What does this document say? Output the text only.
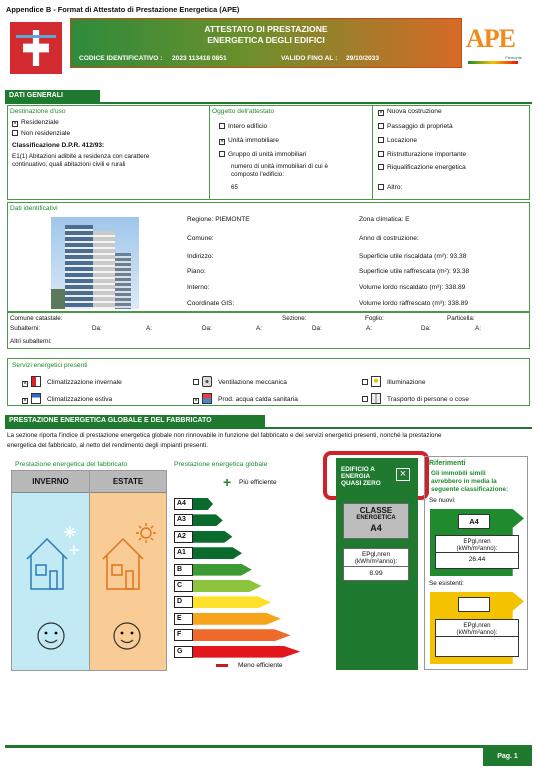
Appendice B - Format di Attestato di Prestazione Energetica (APE)
ATTESTATO DI PRESTAZIONE
ENERGETICA DEGLI EDIFICI
CODICE IDENTIFICATIVO : 2023 113418 0851	VALIDO FINO AL : 29/10/2033
APE
Piemonte
DATI GENERALI
Destinazione d'uso
× Residenziale
Non residenziale
Classificazione D.P.R. 412/93:
E1(1) Abitazioni adibite a residenza con carattere
continuativo, quali abitazioni civili e rurali
Oggetto dell'attestato
Intero edificio
× Unità immobiliare
Gruppo di unità immobiliari
numero di unità immobiliari di cui è
composto l'edificio:
65
× Nuova costruzione
Passaggio di proprietà
Locazione
Ristrutturazione importante
Riqualificazione energetica
Altro:
Dati identificativi
Regione: PIEMONTE
Comune:
Indirizzo:
Piano:
Interno:
Coordinate GIS:
Zona climatica: E
Anno di costruzione:
Superficie utile riscaldata (m²): 93.38
Superficie utile raffrescata (m²): 93.38
Volume lordo riscaldato (m³): 338.89
Volume lordo raffrescato (m³): 338.89
Comune catastale:	Sezione:	Foglio:	Particella:
Subalterni:	Da:	A:	Da:	A:	Da:	A:	Da:	A:
Altri subalterni:
Servizi energetici presenti
×	Climatizzazione invernale
×	Climatizzazione estiva
Ventilazione meccanica
×	Prod. acqua calda sanitaria
Illuminazione
Trasporto di persone o cose
PRESTAZIONE ENERGETICA GLOBALE E DEL FABBRICATO
La sezione riporta l'indice di prestazione energetica globale non rinnovabile in funzione del fabbricato e dei servizi energetici presenti, nonché la prestazione
energetica del fabbricato, al netto del rendimento degli impianti presenti.
Prestazione energetica del fabbricato
INVERNO	ESTATE
Prestazione energetica globale
+ Più efficiente
A4
A3
A2
A1
B
C
D
E
F
G
Meno efficiente
EDIFICIO A
ENERGIA
QUASI ZERO
×
CLASSE
ENERGETICA
A4
EPgl,nren
(kWh/m²anno):
8.99
Riferimenti
Gli immobili simili
avrebbero in media la
seguente classificazione:
Se nuovi:
A4
EPgl,nren
(kWh/m²anno):
26.44
Se esistenti:
EPgl,nren
(kWh/m²anno):
Pag. 1
